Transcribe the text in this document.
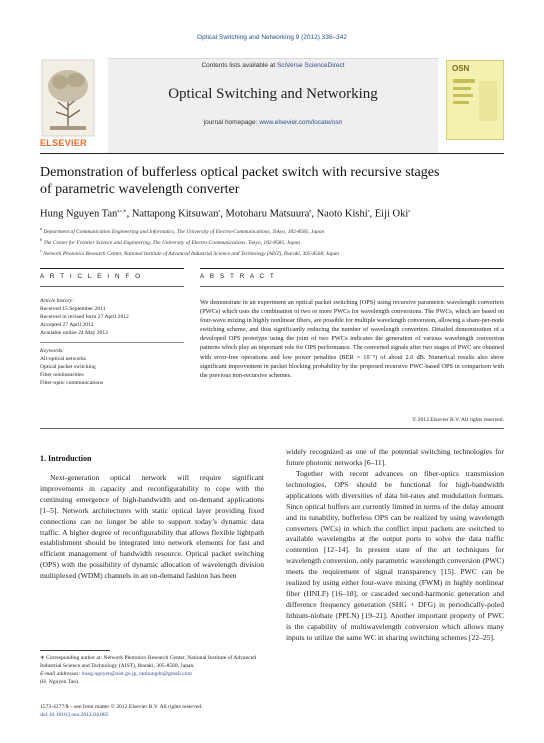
Optical Switching and Networking 9 (2012) 336–342
ELSEVIER
Contents lists available at SciVerse ScienceDirect
Optical Switching and Networking
journal homepage: www.elsevier.com/locate/osn
OSN
Demonstration of bufferless optical packet switch with recursive stages
of parametric wavelength converter
Hung Nguyen Tan$^{a,c,∗}$, Nattapong Kitsuwan$^a$, Motoharu Matsuura$^b$, Naoto Kishi$^a$, Eiji Oki$^a$
$^a$ Department of Communication Engineering and Informatics, The University of Electro-Communications, Tokyo, 182-8585, Japan
$^b$ The Center for Frontier Science and Engineering, The University of Electro-Communications, Tokyo, 182-8585, Japan
$^c$ Network Photonics Research Center, National Institute of Advanced Industrial Science and Technology (AIST), Ibaraki, 305-8568, Japan
A R T I C L E I N F O
Article history:
Received 15 September 2011
Received in revised form 27 April 2012
Accepted 27 April 2012
Available online 24 May 2012
Keywords:
All-optical networks
Optical packet switching
Fiber nonlinearities
Fiber-optic communications
A B S T R A C T
We demonstrate in an experiment an optical packet switching (OPS) using recursive parametric wavelength converters (PWCs) which uses the combination of two or more PWCs for wavelength conversions. The PWCs, which are based on four-wave mixing in highly nonlinear fibers, are possible for multiple wavelength conversion, allowing a share-per-node switching scheme, and thus significantly reducing the number of wavelength converters. Detailed demonstration of a developed OPS prototype using the joint of two PWCs indicates the generation of various wavelength conversion patterns which play an important role for OPS performance. The converted signals after two stages of PWC are obtained with error-free operations and low power penalties (BER = 10⁻⁹) of about 2.0 dB. Numerical results also show significant improvement in packet blocking probability by the proposed recursive PWC-based OPS in comparison with the previous non-recursive schemes.
© 2012 Elsevier B.V. All rights reserved.
1. Introduction
Next-generation optical network will require significant improvements in capacity and reconfigurability to cope with the continuing emergence of high-bandwidth and on-demand applications [1–5]. Network architectures with static optical layer providing fixed connections can no longer be able to support today’s dynamic data traffic. A higher degree of reconfigurability that allows flexible lightpath establishment should be integrated into network elements for fast and efficient management of bandwidth resource. Optical packet switching (OPS) with the possibility of dynamic allocation of wavelength division multiplexed (WDM) channels in an on-demand fashion has been
∗ Corresponding author at: Network Photonics Research Center, National Institute of Advanced Industrial Science and Technology (AIST), Ibaraki, 305-8568, Japan.
E-mail addresses: hung.nguyen@aist.go.jp, tanhungdn@gmail.com
(H. Nguyen Tan).
1573-4277/$ – see front matter © 2012 Elsevier B.V. All rights reserved.
doi:10.1016/j.osn.2012.04.005
widely recognized as one of the potential switching technologies for future photonic networks [6–11].
Together with recent advances on fiber-optics transmission technologies, OPS should be functional for high-bandwidth applications with diversities of data bit-rates and modulation formats. Since optical buffers are currently limited in terms of the delay amount and its tunability, bufferless OPS can be realized by using wavelength converters (WCs) in which the conflict input packets are switched to available wavelengths at the output ports to solve the data traffic contention [12–14]. In present state of the art techniques for wavelength conversion, only parametric wavelength conversion (PWC) meets the requirement of signal transparency [15]. PWC can be realized by using either four-wave mixing (FWM) in highly nonlinear fiber (HNLF) [16–18], or cascaded second-harmonic generation and difference frequency generation (SHG + DFG) in periodically-poled lithium-niobate (PPLN) [19–21]. Another important property of PWC is the capability of multiwavelength conversion which allows many inputs to utilize the same WC in sharing switching schemes [22–25].
